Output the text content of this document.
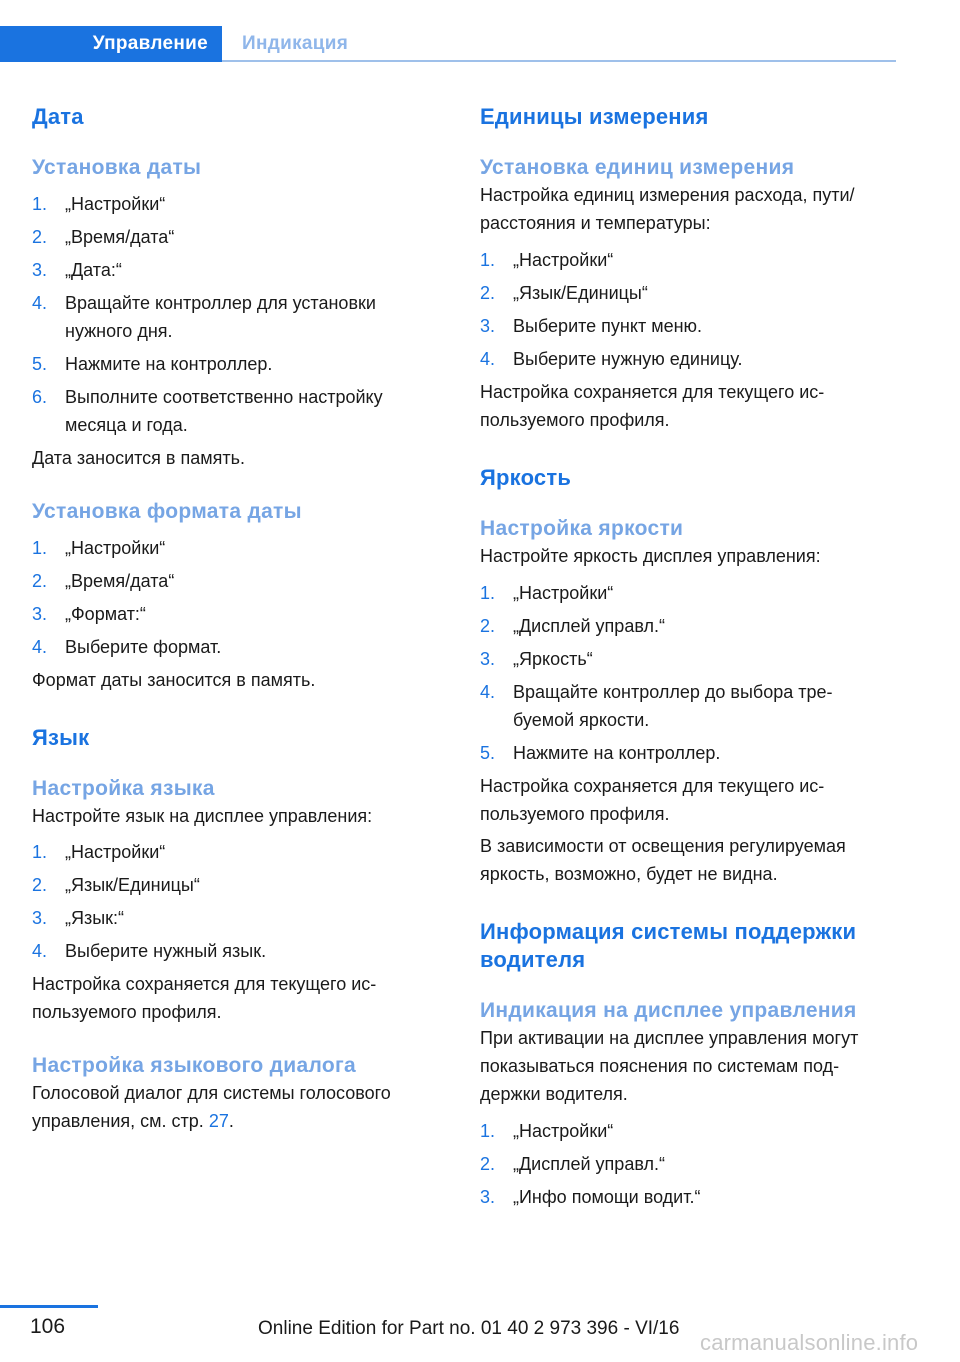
Управление	Индикация
Дата
Установка даты
1. „Настройки“
2. „Время/дата“
3. „Дата:“
4. Вращайте контроллер для установки нужного дня.
5. Нажмите на контроллер.
6. Выполните соответственно настройку месяца и года.
Дата заносится в память.
Установка формата даты
1. „Настройки“
2. „Время/дата“
3. „Формат:“
4. Выберите формат.
Формат даты заносится в память.
Язык
Настройка языка
Настройте язык на дисплее управления:
1. „Настройки“
2. „Язык/Единицы“
3. „Язык:“
4. Выберите нужный язык.
Настройка сохраняется для текущего ис-пользуемого профиля.
Настройка языкового диалога
Голосовой диалог для системы голосового управления, см. стр. 27.
Единицы измерения
Установка единиц измерения
Настройка единиц измерения расхода, пути/расстояния и температуры:
1. „Настройки“
2. „Язык/Единицы“
3. Выберите пункт меню.
4. Выберите нужную единицу.
Настройка сохраняется для текущего ис-пользуемого профиля.
Яркость
Настройка яркости
Настройте яркость дисплея управления:
1. „Настройки“
2. „Дисплей управл.“
3. „Яркость“
4. Вращайте контроллер до выбора тре-буемой яркости.
5. Нажмите на контроллер.
Настройка сохраняется для текущего ис-пользуемого профиля.
В зависимости от освещения регулируемая яркость, возможно, будет не видна.
Информация системы поддержки водителя
Индикация на дисплее управления
При активации на дисплее управления могут показываться пояснения по системам под-держки водителя.
1. „Настройки“
2. „Дисплей управл.“
3. „Инфо помощи водит.“
106	Online Edition for Part no. 01 40 2 973 396 - VI/16
carmanualsonline.info
